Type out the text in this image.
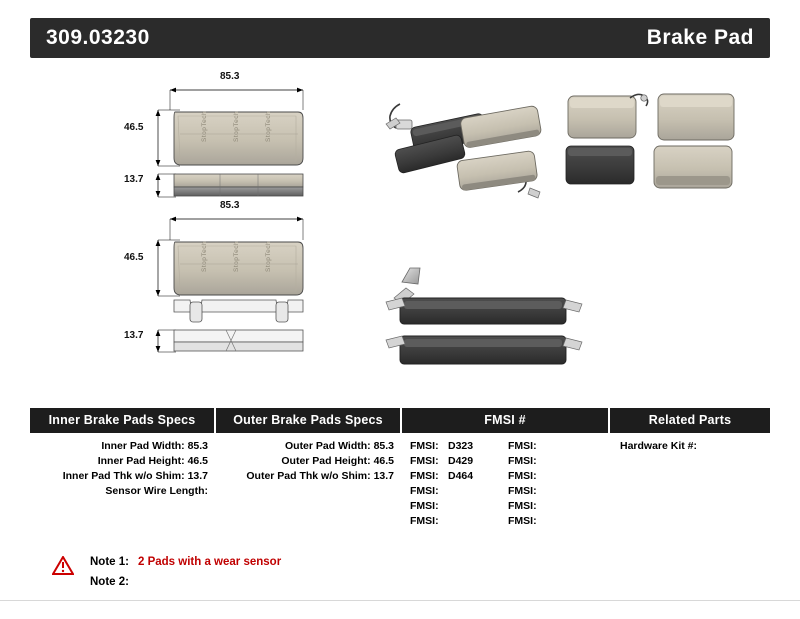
309.03230	Brake Pad
StopTech	StopTech	StopTech
StopTech	StopTech	StopTech
85.3
46.5
13.7
85.3
46.5
13.7
Inner Brake Pads Specs
Inner Pad Width: 85.3
Inner Pad Height: 46.5
Inner Pad Thk w/o Shim: 13.7
Sensor Wire Length:
Outer Brake Pads Specs
Outer Pad Width: 85.3
Outer Pad Height: 46.5
Outer Pad Thk w/o Shim: 13.7
FMSI #
FMSI: D323
FMSI: D429
FMSI: D464
FMSI:
FMSI:
FMSI:
FMSI:
FMSI:
FMSI:
FMSI:
FMSI:
FMSI:
Related Parts
Hardware Kit #:
Note 1: 2 Pads with a wear sensor
Note 2:
